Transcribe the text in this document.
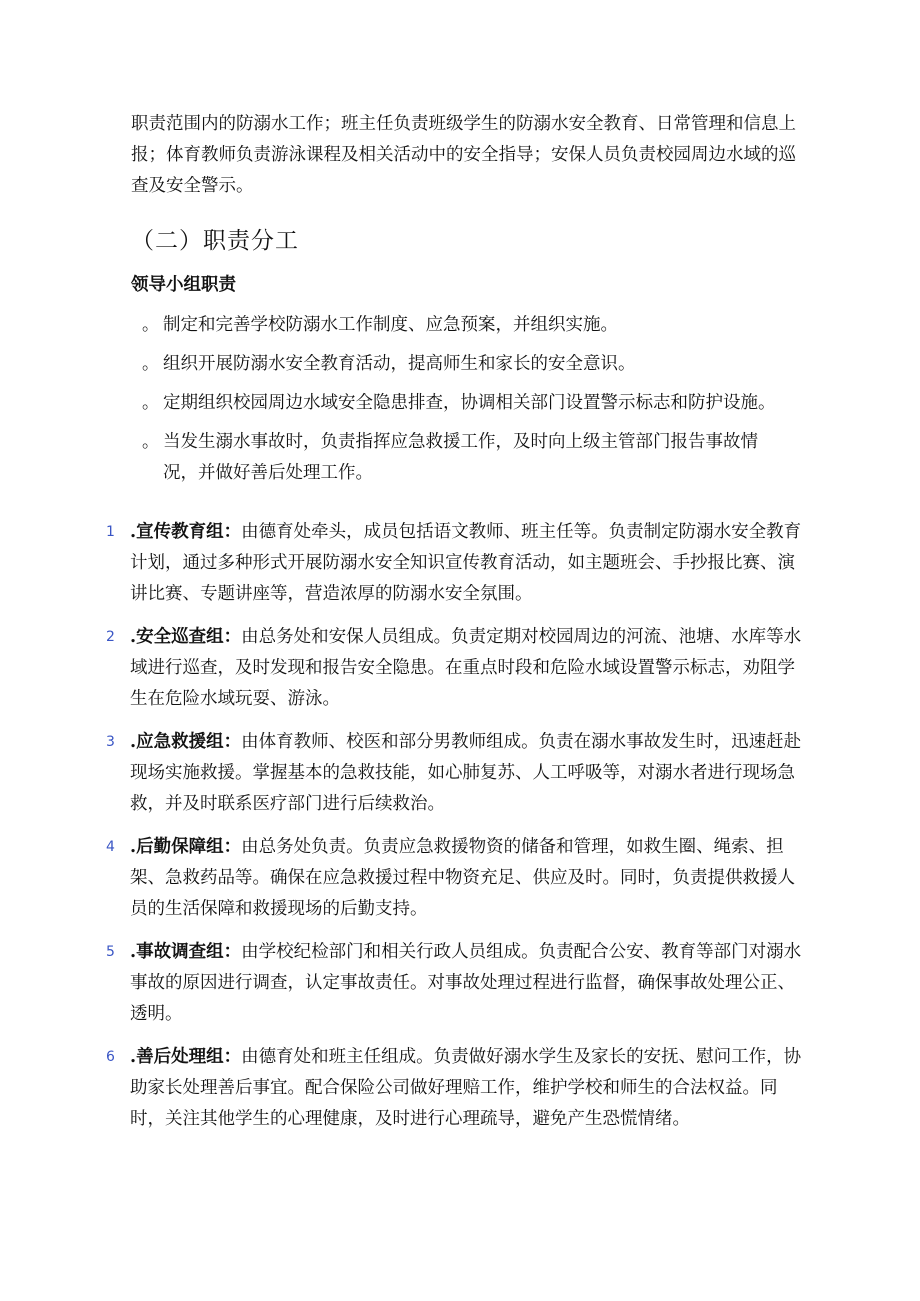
职责范围内的防溺水工作；班主任负责班级学生的防溺水安全教育、日常管理和信息上报；体育教师负责游泳课程及相关活动中的安全指导；安保人员负责校园周边水域的巡查及安全警示。

（二）职责分工
领导小组职责
。 制定和完善学校防溺水工作制度、应急预案，并组织实施。
。 组织开展防溺水安全教育活动，提高师生和家长的安全意识。
。 定期组织校园周边水域安全隐患排查，协调相关部门设置警示标志和防护设施。
。 当发生溺水事故时，负责指挥应急救援工作，及时向上级主管部门报告事故情况，并做好善后处理工作。
1 .宣传教育组：由德育处牵头，成员包括语文教师、班主任等。负责制定防溺水安全教育计划，通过多种形式开展防溺水安全知识宣传教育活动，如主题班会、手抄报比赛、演讲比赛、专题讲座等，营造浓厚的防溺水安全氛围。
2 .安全巡查组：由总务处和安保人员组成。负责定期对校园周边的河流、池塘、水库等水域进行巡查，及时发现和报告安全隐患。在重点时段和危险水域设置警示标志，劝阻学生在危险水域玩耍、游泳。
3 .应急救援组：由体育教师、校医和部分男教师组成。负责在溺水事故发生时，迅速赶赴现场实施救援。掌握基本的急救技能，如心肺复苏、人工呼吸等，对溺水者进行现场急救，并及时联系医疗部门进行后续救治。
4 .后勤保障组：由总务处负责。负责应急救援物资的储备和管理，如救生圈、绳索、担架、急救药品等。确保在应急救援过程中物资充足、供应及时。同时，负责提供救援人员的生活保障和救援现场的后勤支持。
5 .事故调查组：由学校纪检部门和相关行政人员组成。负责配合公安、教育等部门对溺水事故的原因进行调查，认定事故责任。对事故处理过程进行监督，确保事故处理公正、透明。
6 .善后处理组：由德育处和班主任组成。负责做好溺水学生及家长的安抚、慰问工作，协助家长处理善后事宜。配合保险公司做好理赔工作，维护学校和师生的合法权益。同时，关注其他学生的心理健康，及时进行心理疏导，避免产生恐慌情绪。
